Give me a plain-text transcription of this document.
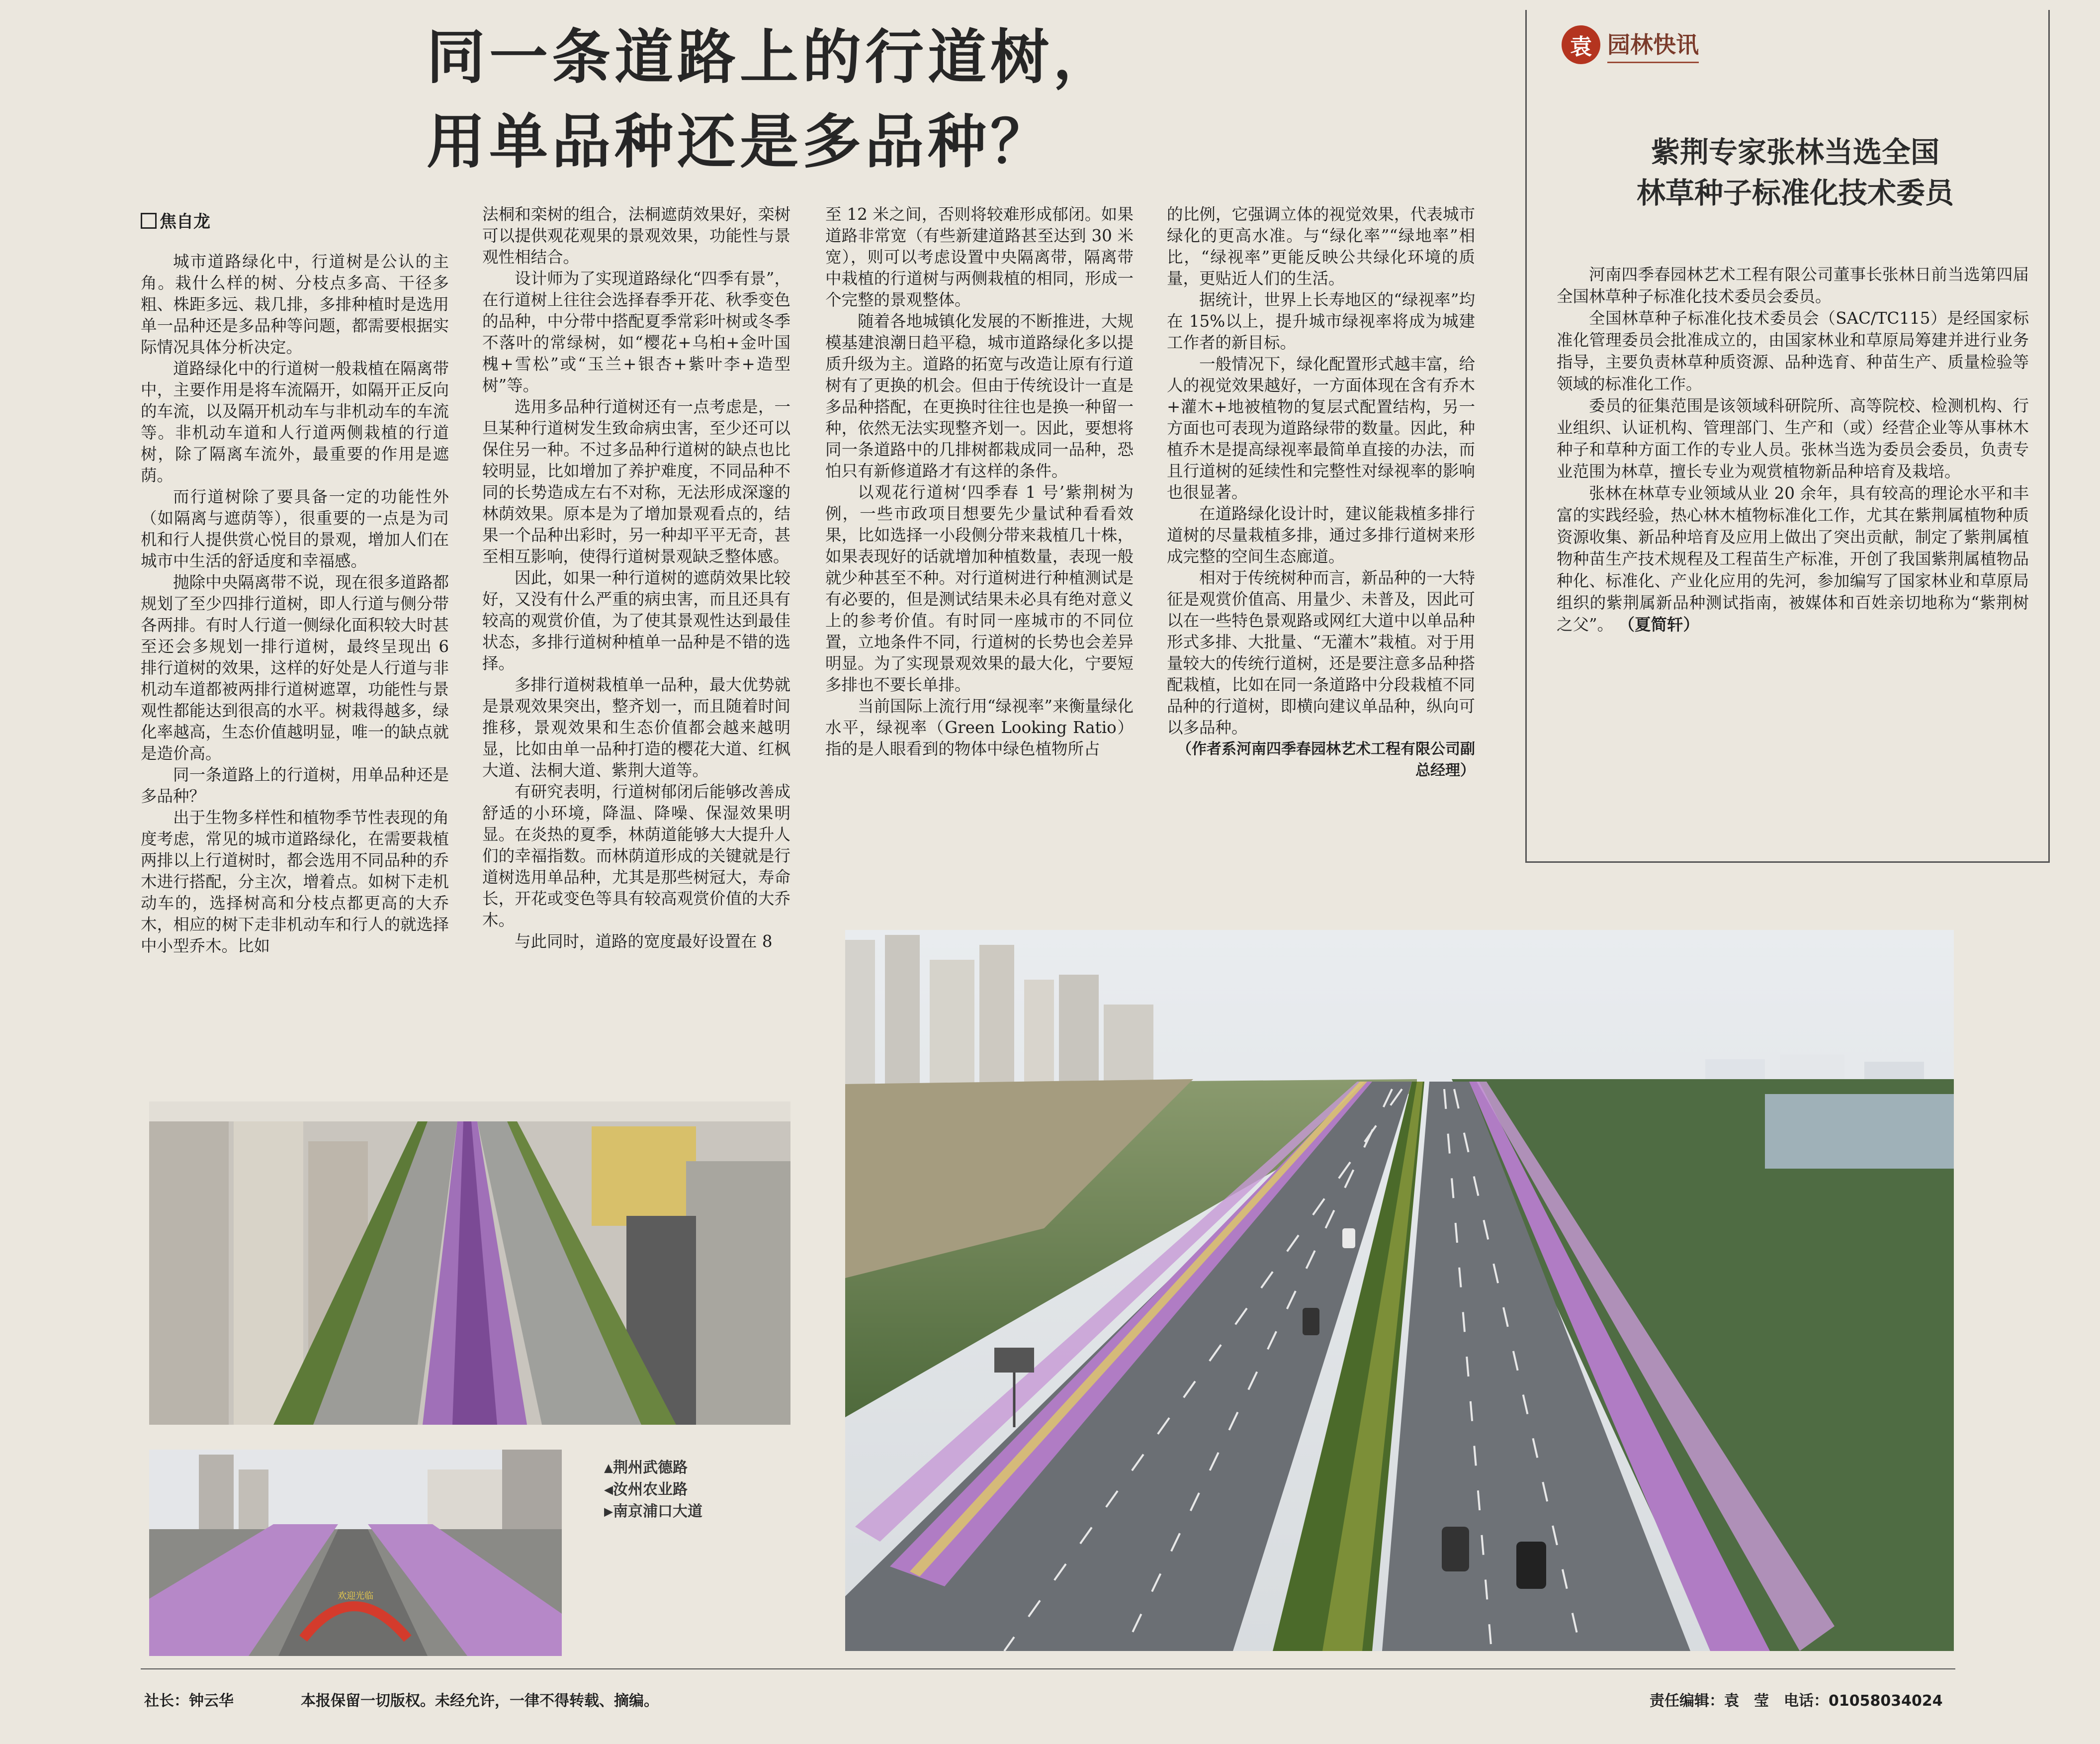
同一条道路上的行道树，
用单品种还是多品种？
焦自龙

城市道路绿化中，行道树是公认的主角。栽什么样的树、分枝点多高、干径多粗、株距多远、栽几排，多排种植时是选用单一品种还是多品种等问题，都需要根据实际情况具体分析决定。

道路绿化中的行道树一般栽植在隔离带中，主要作用是将车流隔开，如隔开正反向的车流，以及隔开机动车与非机动车的车流等。非机动车道和人行道两侧栽植的行道树，除了隔离车流外，最重要的作用是遮荫。

而行道树除了要具备一定的功能性外（如隔离与遮荫等），很重要的一点是为司机和行人提供赏心悦目的景观，增加人们在城市中生活的舒适度和幸福感。

抛除中央隔离带不说，现在很多道路都规划了至少四排行道树，即人行道与侧分带各两排。有时人行道一侧绿化面积较大时甚至还会多规划一排行道树，最终呈现出 6 排行道树的效果，这样的好处是人行道与非机动车道都被两排行道树遮罩，功能性与景观性都能达到很高的水平。树栽得越多，绿化率越高，生态价值越明显，唯一的缺点就是造价高。

同一条道路上的行道树，用单品种还是多品种？

出于生物多样性和植物季节性表现的角度考虑，常见的城市道路绿化，在需要栽植两排以上行道树时，都会选用不同品种的乔木进行搭配，分主次，增着点。如树下走机动车的，选择树高和分枝点都更高的大乔木，相应的树下走非机动车和行人的就选择中小型乔木。比如

法桐和栾树的组合，法桐遮荫效果好，栾树可以提供观花观果的景观效果，功能性与景观性相结合。

设计师为了实现道路绿化“四季有景”，在行道树上往往会选择春季开花、秋季变色的品种，中分带中搭配夏季常彩叶树或冬季不落叶的常绿树，如“樱花+乌桕+金叶国槐+雪松”或“玉兰+银杏+紫叶李+造型树”等。

选用多品种行道树还有一点考虑是，一旦某种行道树发生致命病虫害，至少还可以保住另一种。不过多品种行道树的缺点也比较明显，比如增加了养护难度，不同品种不同的长势造成左右不对称，无法形成深邃的林荫效果。原本是为了增加景观看点的，结果一个品种出彩时，另一种却平平无奇，甚至相互影响，使得行道树景观缺乏整体感。

因此，如果一种行道树的遮荫效果比较好，又没有什么严重的病虫害，而且还具有较高的观赏价值，为了使其景观性达到最佳状态，多排行道树种植单一品种是不错的选择。

多排行道树栽植单一品种，最大优势就是景观效果突出，整齐划一，而且随着时间推移，景观效果和生态价值都会越来越明显，比如由单一品种打造的樱花大道、红枫大道、法桐大道、紫荆大道等。

有研究表明，行道树郁闭后能够改善成舒适的小环境，降温、降噪、保湿效果明显。在炎热的夏季，林荫道能够大大提升人们的幸福指数。而林荫道形成的关键就是行道树选用单品种，尤其是那些树冠大，寿命长，开花或变色等具有较高观赏价值的大乔木。

与此同时，道路的宽度最好设置在 8

至 12 米之间，否则将较难形成郁闭。如果道路非常宽（有些新建道路甚至达到 30 米宽），则可以考虑设置中央隔离带，隔离带中栽植的行道树与两侧栽植的相同，形成一个完整的景观整体。

随着各地城镇化发展的不断推进，大规模基建浪潮日趋平稳，城市道路绿化多以提质升级为主。道路的拓宽与改造让原有行道树有了更换的机会。但由于传统设计一直是多品种搭配，在更换时往往也是换一种留一种，依然无法实现整齐划一。因此，要想将同一条道路中的几排树都栽成同一品种，恐怕只有新修道路才有这样的条件。

以观花行道树‘四季春 1 号’紫荆树为例，一些市政项目想要先少量试种看看效果，比如选择一小段侧分带来栽植几十株，如果表现好的话就增加种植数量，表现一般就少种甚至不种。对行道树进行种植测试是有必要的，但是测试结果未必具有绝对意义上的参考价值。有时同一座城市的不同位置，立地条件不同，行道树的长势也会差异明显。为了实现景观效果的最大化，宁要短多排也不要长单排。

当前国际上流行用“绿视率”来衡量绿化水平，绿视率（Green Looking Ratio）指的是人眼看到的物体中绿色植物所占

的比例，它强调立体的视觉效果，代表城市绿化的更高水准。与“绿化率”“绿地率”相比，“绿视率”更能反映公共绿化环境的质量，更贴近人们的生活。

据统计，世界上长寿地区的“绿视率”均在 15%以上，提升城市绿视率将成为城建工作者的新目标。

一般情况下，绿化配置形式越丰富，给人的视觉效果越好，一方面体现在含有乔木+灌木+地被植物的复层式配置结构，另一方面也可表现为道路绿带的数量。因此，种植乔木是提高绿视率最简单直接的办法，而且行道树的延续性和完整性对绿视率的影响也很显著。

在道路绿化设计时，建议能栽植多排行道树的尽量栽植多排，通过多排行道树来形成完整的空间生态廊道。

相对于传统树种而言，新品种的一大特征是观赏价值高、用量少、未普及，因此可以在一些特色景观路或网红大道中以单品种形式多排、大批量、“无灌木”栽植。对于用量较大的传统行道树，还是要注意多品种搭配栽植，比如在同一条道路中分段栽植不同品种的行道树，即横向建议单品种，纵向可以多品种。

（作者系河南四季春园林艺术工程有限公司副总经理）

袁 园林快讯
紫荆专家张林当选全国
林草种子标准化技术委员

河南四季春园林艺术工程有限公司董事长张林日前当选第四届全国林草种子标准化技术委员会委员。

全国林草种子标准化技术委员会（SAC/TC115）是经国家标准化管理委员会批准成立的，由国家林业和草原局筹建并进行业务指导，主要负责林草种质资源、品种选育、种苗生产、质量检验等领域的标准化工作。

委员的征集范围是该领域科研院所、高等院校、检测机构、行业组织、认证机构、管理部门、生产和（或）经营企业等从事林木种子和草种方面工作的专业人员。张林当选为委员会委员，负责专业范围为林草，擅长专业为观赏植物新品种培育及栽培。

张林在林草专业领域从业 20 余年，具有较高的理论水平和丰富的实践经验，热心林木植物标准化工作，尤其在紫荆属植物种质资源收集、新品种培育及应用上做出了突出贡献，制定了紫荆属植物种苗生产技术规程及工程苗生产标准，开创了我国紫荆属植物品种化、标准化、产业化应用的先河，参加编写了国家林业和草原局组织的紫荆属新品种测试指南，被媒体和百姓亲切地称为“紫荆树之父”。 （夏简轩）

欢迎光临
▲荆州武德路
◀汝州农业路
▶南京浦口大道
社长：钟云华	本报保留一切版权。未经允许，一律不得转载、摘编。	责任编辑：袁　莹　电话：01058034024
